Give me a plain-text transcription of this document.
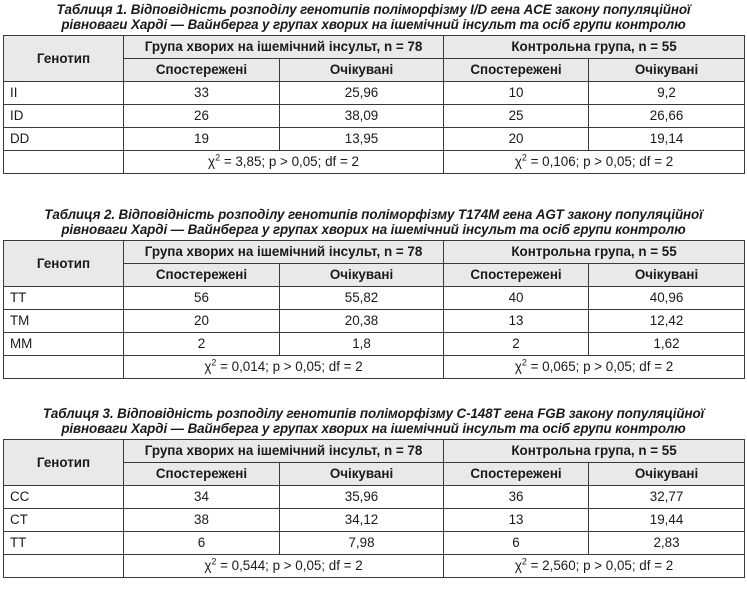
Таблиця 1. Відповідність розподілу генотипів поліморфізму I/D гена ACE закону популяційної
рівноваги Харді — Вайнберга у групах хворих на ішемічний інсульт та осіб групи контролю
Генотип	Група хворих на ішемічний інсульт, n = 78		Контрольна група, n = 55	
	Спостережені	Очікувані	Спостережені	Очікувані
II	33	25,96	10	9,2
ID	26	38,09	25	26,66
DD	19	13,95	20	19,14
	$\chi^2 = 3,85$; p > 0,05; df = 2		$\chi^2 = 0,106$; p > 0,05; df = 2	
Таблиця 2. Відповідність розподілу генотипів поліморфізму T174M гена AGT закону популяційної
рівноваги Харді — Вайнберга у групах хворих на ішемічний інсульт та осіб групи контролю
Генотип	Група хворих на ішемічний інсульт, n = 78		Контрольна група, n = 55	
	Спостережені	Очікувані	Спостережені	Очікувані
TT	56	55,82	40	40,96
TM	20	20,38	13	12,42
MM	2	1,8	2	1,62
	$\chi^2 = 0,014$; p > 0,05; df = 2		$\chi^2 = 0,065$; p > 0,05; df = 2	
Таблиця 3. Відповідність розподілу генотипів поліморфізму C-148T гена FGB закону популяційної
рівноваги Харді — Вайнберга у групах хворих на ішемічний інсульт та осіб групи контролю
Генотип	Група хворих на ішемічний інсульт, n = 78		Контрольна група, n = 55	
	Спостережені	Очікувані	Спостережені	Очікувані
CC	34	35,96	36	32,77
CT	38	34,12	13	19,44
TT	6	7,98	6	2,83
	$\chi^2 = 0,544$; p > 0,05; df = 2		$\chi^2 = 2,560$; p > 0,05; df = 2	
